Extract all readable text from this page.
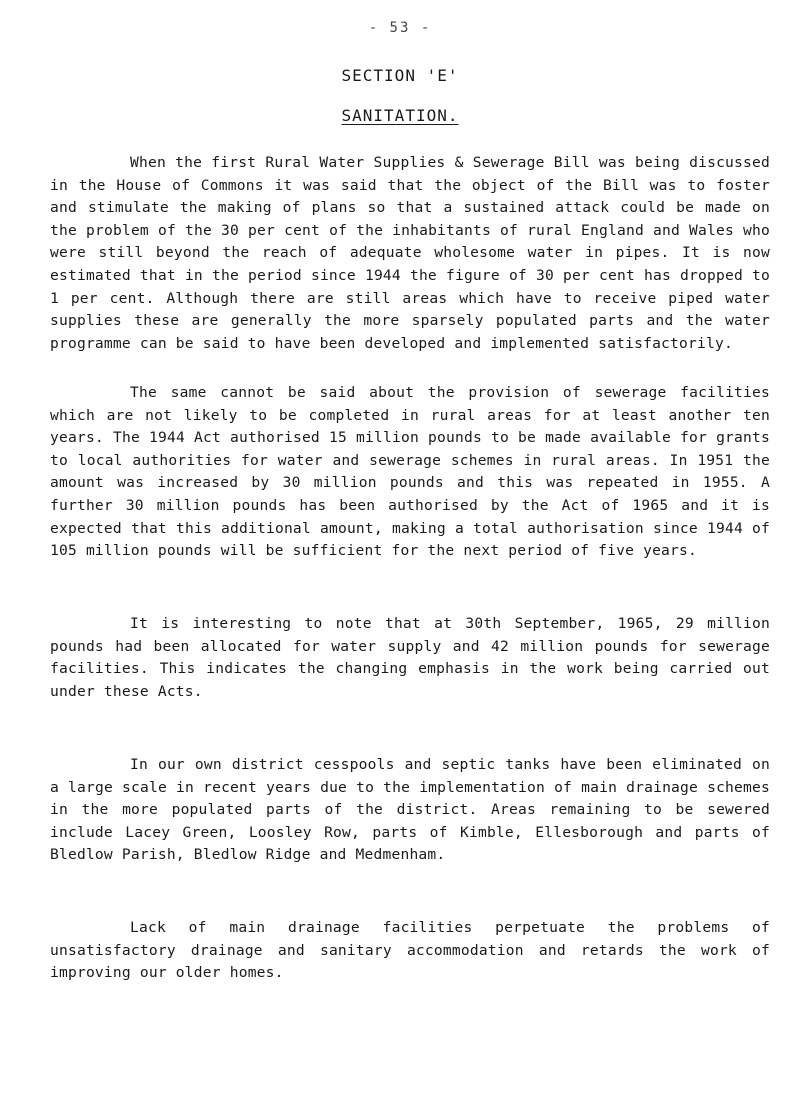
- 53 -
SECTION 'E'
SANITATION.

When the first Rural Water Supplies & Sewerage Bill was being discussed in the House of Commons it was said that the object of the Bill was to foster and stimulate the making of plans so that a sustained attack could be made on the problem of the 30 per cent of the inhabitants of rural England and Wales who were still beyond the reach of adequate wholesome water in pipes. It is now estimated that in the period since 1944 the figure of 30 per cent has dropped to 1 per cent. Although there are still areas which have to receive piped water supplies these are generally the more sparsely populated parts and the water programme can be said to have been developed and implemented satisfactorily.

The same cannot be said about the provision of sewerage facilities which are not likely to be completed in rural areas for at least another ten years. The 1944 Act authorised 15 million pounds to be made available for grants to local authorities for water and sewerage schemes in rural areas. In 1951 the amount was increased by 30 million pounds and this was repeated in 1955. A further 30 million pounds has been authorised by the Act of 1965 and it is expected that this additional amount, making a total authorisation since 1944 of 105 million pounds will be sufficient for the next period of five years.

It is interesting to note that at 30th September, 1965, 29 million pounds had been allocated for water supply and 42 million pounds for sewerage facilities. This indicates the changing emphasis in the work being carried out under these Acts.

In our own district cesspools and septic tanks have been eliminated on a large scale in recent years due to the implementation of main drainage schemes in the more populated parts of the district. Areas remaining to be sewered include Lacey Green, Loosley Row, parts of Kimble, Ellesborough and parts of Bledlow Parish, Bledlow Ridge and Medmenham.

Lack of main drainage facilities perpetuate the problems of unsatisfactory drainage and sanitary accommodation and retards the work of improving our older homes.
